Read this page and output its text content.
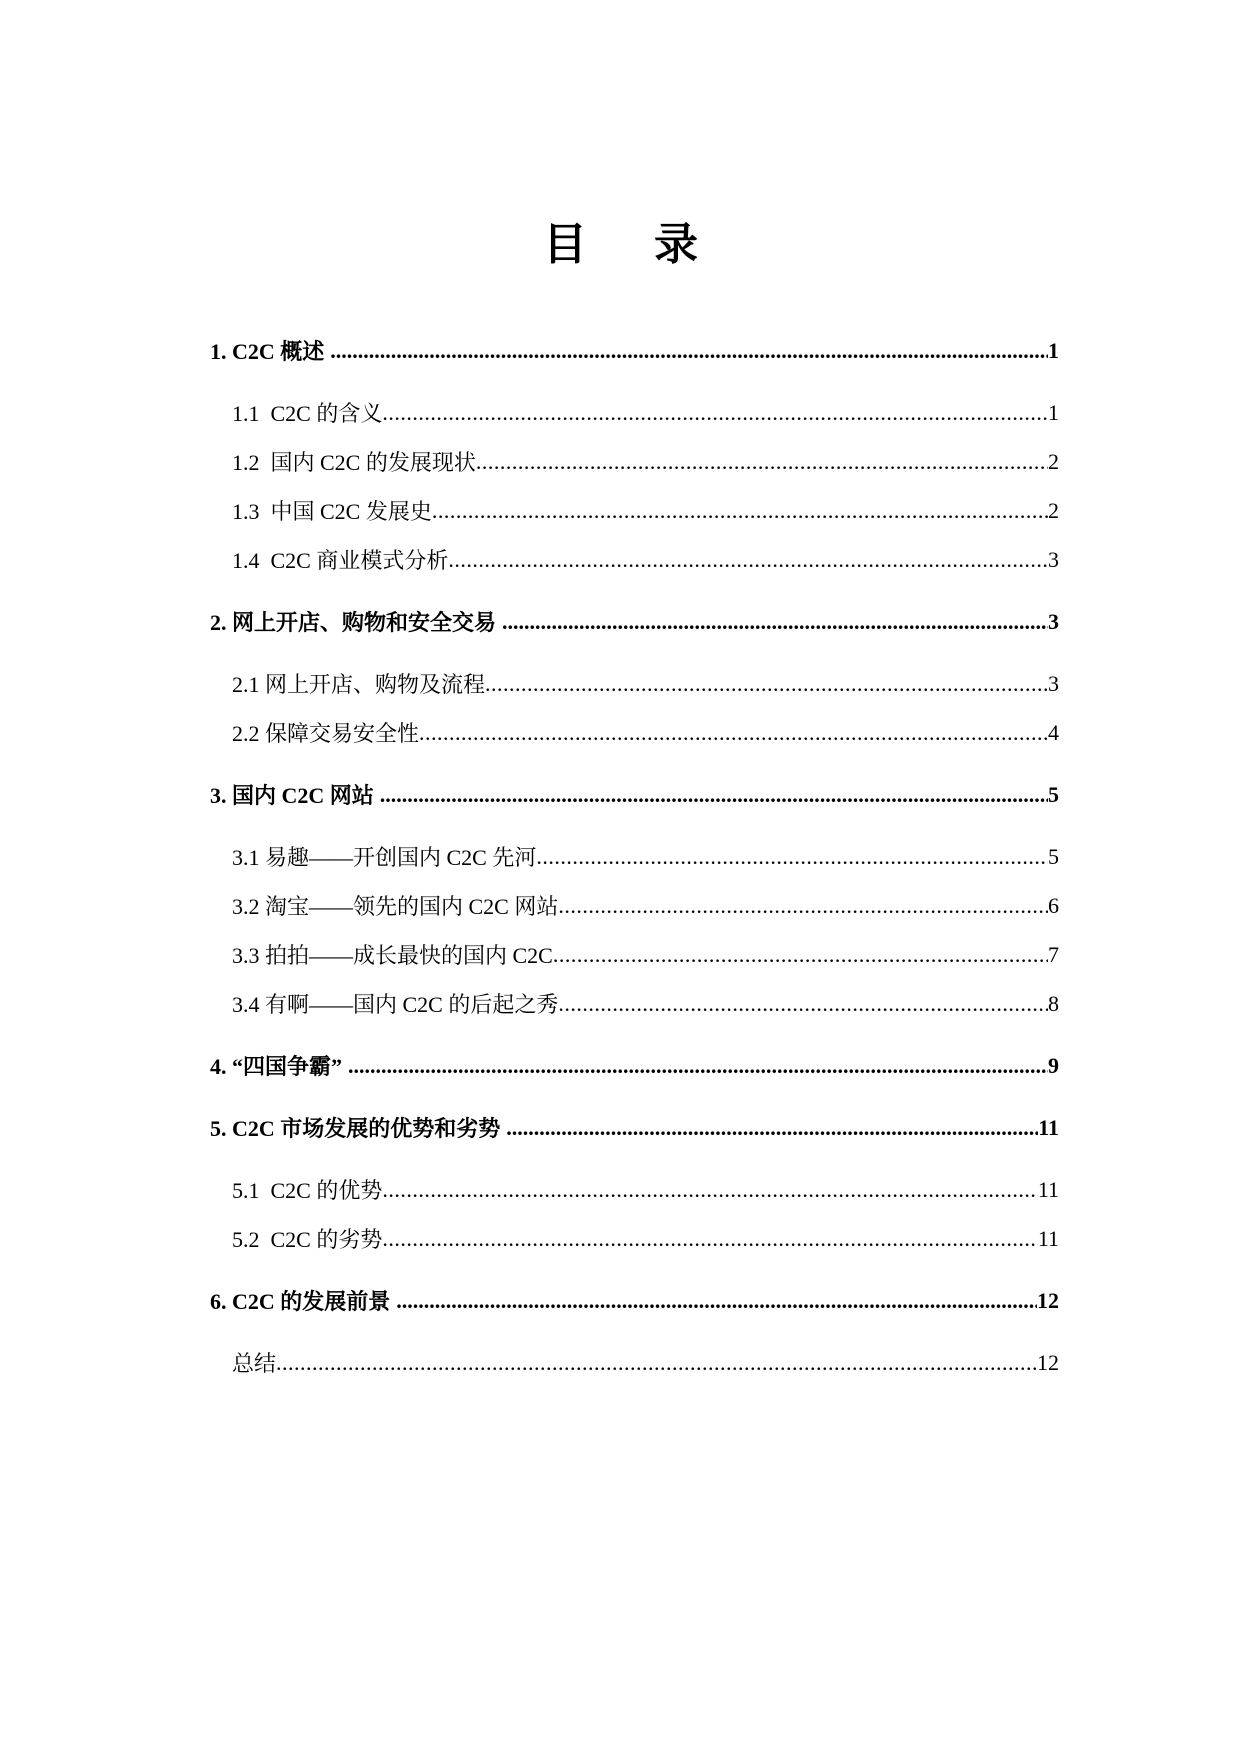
目 录
1. C2C 概述 .....	1
1.1  C2C 的含义 .....	1
1.2  国内 C2C 的发展现状 .....	2
1.3  中国 C2C 发展史 .....	2
1.4  C2C 商业模式分析 .....	3
2. 网上开店、购物和安全交易 .....	3
2.1 网上开店、购物及流程 .....	3
2.2 保障交易安全性 .....	4
3. 国内 C2C 网站 .....	5
3.1 易趣——开创国内 C2C 先河 .....	5
3.2 淘宝——领先的国内 C2C 网站 .....	6
3.3 拍拍——成长最快的国内 C2C .....	7
3.4 有啊——国内 C2C 的后起之秀 .....	8
4. “四国争霸” .....	9
5. C2C 市场发展的优势和劣势 .....	11
5.1  C2C 的优势 .....	11
5.2  C2C 的劣势 .....	11
6. C2C 的发展前景 .....	12
总结 .....	12
